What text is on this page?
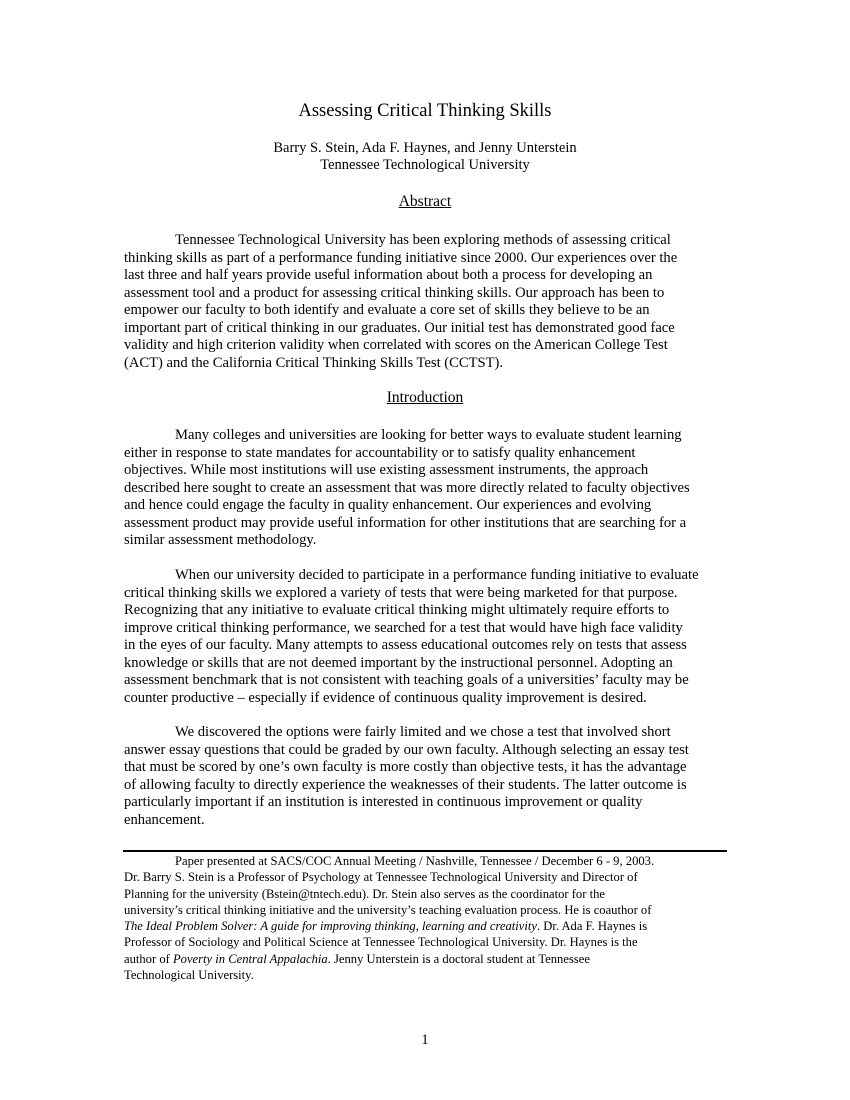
Assessing Critical Thinking Skills
Barry S. Stein, Ada F. Haynes, and Jenny Unterstein
Tennessee Technological University
Abstract
Tennessee Technological University has been exploring methods of assessing critical
thinking skills as part of a performance funding initiative since 2000. Our experiences over the
last three and half years provide useful information about both a process for developing an
assessment tool and a product for assessing critical thinking skills. Our approach has been to
empower our faculty to both identify and evaluate a core set of skills they believe to be an
important part of critical thinking in our graduates. Our initial test has demonstrated good face
validity and high criterion validity when correlated with scores on the American College Test
(ACT) and the California Critical Thinking Skills Test (CCTST).
Introduction
Many colleges and universities are looking for better ways to evaluate student learning
either in response to state mandates for accountability or to satisfy quality enhancement
objectives. While most institutions will use existing assessment instruments, the approach
described here sought to create an assessment that was more directly related to faculty objectives
and hence could engage the faculty in quality enhancement. Our experiences and evolving
assessment product may provide useful information for other institutions that are searching for a
similar assessment methodology.
When our university decided to participate in a performance funding initiative to evaluate
critical thinking skills we explored a variety of tests that were being marketed for that purpose.
Recognizing that any initiative to evaluate critical thinking might ultimately require efforts to
improve critical thinking performance, we searched for a test that would have high face validity
in the eyes of our faculty. Many attempts to assess educational outcomes rely on tests that assess
knowledge or skills that are not deemed important by the instructional personnel. Adopting an
assessment benchmark that is not consistent with teaching goals of a universities’ faculty may be
counter productive – especially if evidence of continuous quality improvement is desired.
We discovered the options were fairly limited and we chose a test that involved short
answer essay questions that could be graded by our own faculty. Although selecting an essay test
that must be scored by one’s own faculty is more costly than objective tests, it has the advantage
of allowing faculty to directly experience the weaknesses of their students. The latter outcome is
particularly important if an institution is interested in continuous improvement or quality
enhancement.
Paper presented at SACS/COC Annual Meeting / Nashville, Tennessee / December 6 - 9, 2003.
Dr. Barry S. Stein is a Professor of Psychology at Tennessee Technological University and Director of
Planning for the university (Bstein@tntech.edu). Dr. Stein also serves as the coordinator for the
university’s critical thinking initiative and the university’s teaching evaluation process. He is coauthor of
The Ideal Problem Solver: A guide for improving thinking, learning and creativity. Dr. Ada F. Haynes is
Professor of Sociology and Political Science at Tennessee Technological University. Dr. Haynes is the
author of Poverty in Central Appalachia. Jenny Unterstein is a doctoral student at Tennessee
Technological University.
1
